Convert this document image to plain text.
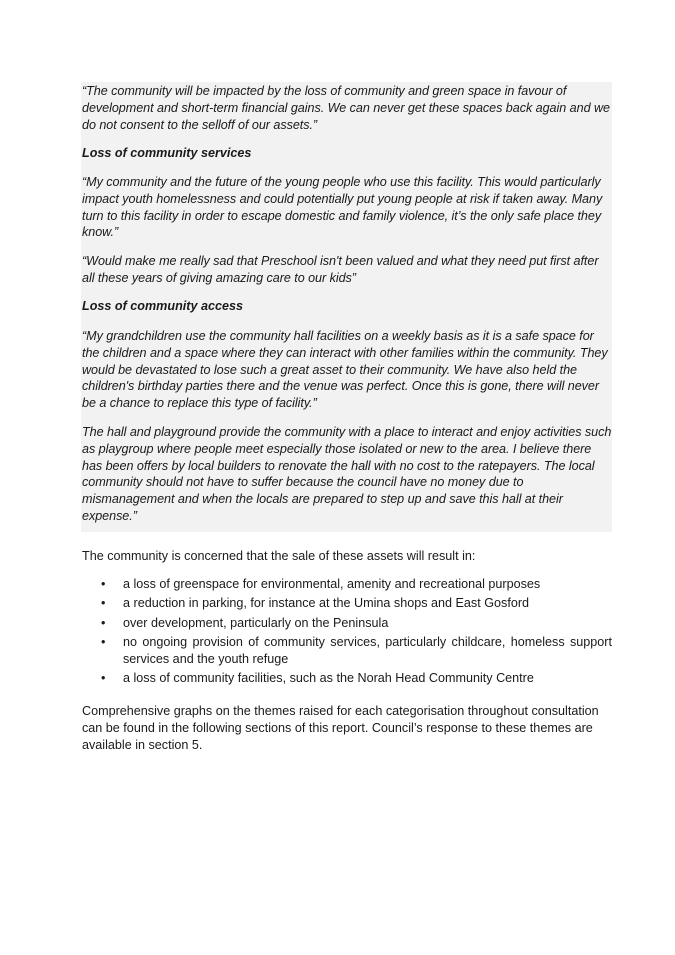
“The community will be impacted by the loss of community and green space in favour of development and short-term financial gains. We can never get these spaces back again and we do not consent to the selloff of our assets.”

Loss of community services

“My community and the future of the young people who use this facility. This would particularly impact youth homelessness and could potentially put young people at risk if taken away. Many turn to this facility in order to escape domestic and family violence, it’s the only safe place they know.”

“Would make me really sad that Preschool isn't been valued and what they need put first after all these years of giving amazing care to our kids”

Loss of community access

“My grandchildren use the community hall facilities on a weekly basis as it is a safe space for the children and a space where they can interact with other families within the community. They would be devastated to lose such a great asset to their community. We have also held the children's birthday parties there and the venue was perfect. Once this is gone, there will never be a chance to replace this type of facility.”

The hall and playground provide the community with a place to interact and enjoy activities such as playgroup where people meet especially those isolated or new to the area. I believe there has been offers by local builders to renovate the hall with no cost to the ratepayers. The local community should not have to suffer because the council have no money due to mismanagement and when the locals are prepared to step up and save this hall at their expense.”

The community is concerned that the sale of these assets will result in:

• a loss of greenspace for environmental, amenity and recreational purposes
• a reduction in parking, for instance at the Umina shops and East Gosford
• over development, particularly on the Peninsula
• no ongoing provision of community services, particularly childcare, homeless support services and the youth refuge
• a loss of community facilities, such as the Norah Head Community Centre

Comprehensive graphs on the themes raised for each categorisation throughout consultation can be found in the following sections of this report. Council’s response to these themes are available in section 5.
